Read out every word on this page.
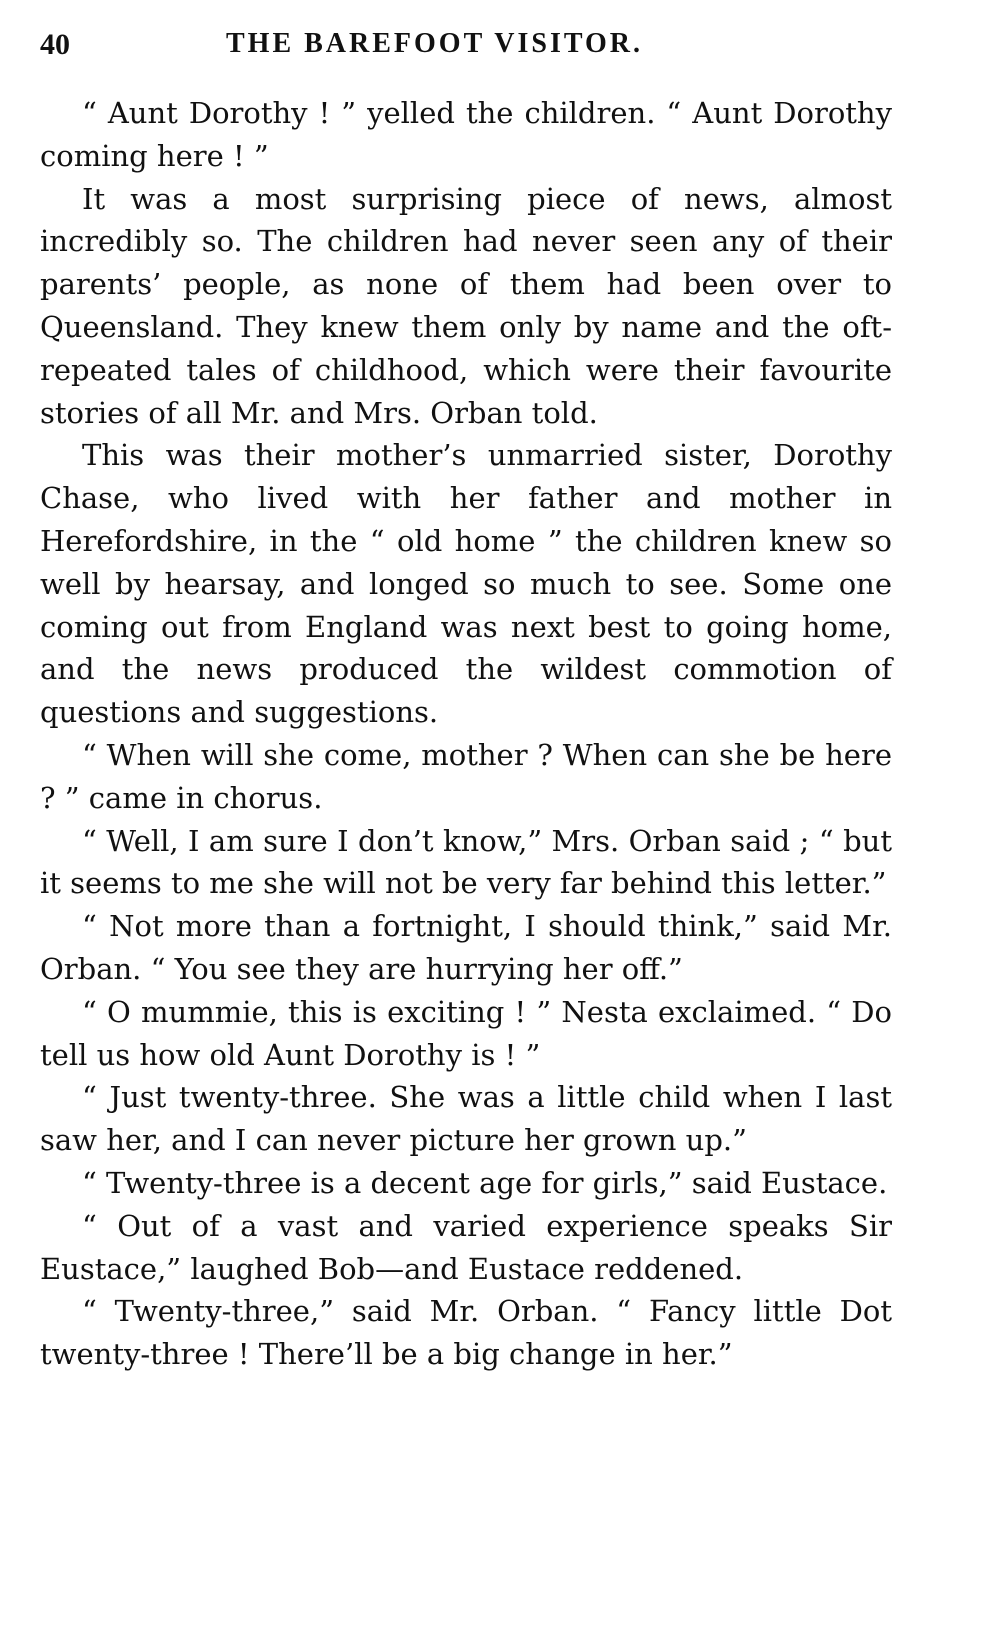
40	THE BAREFOOT VISITOR.

“ Aunt Dorothy ! ” yelled the children. “ Aunt Dorothy coming here ! ”

It was a most surprising piece of news, almost incredibly so. The children had never seen any of their parents’ people, as none of them had been over to Queensland. They knew them only by name and the oft-repeated tales of childhood, which were their favourite stories of all Mr. and Mrs. Orban told.

This was their mother’s unmarried sister, Dorothy Chase, who lived with her father and mother in Herefordshire, in the “ old home ” the children knew so well by hearsay, and longed so much to see. Some one coming out from England was next best to going home, and the news produced the wildest commotion of questions and suggestions.

“ When will she come, mother ? When can she be here ? ” came in chorus.

“ Well, I am sure I don’t know,” Mrs. Orban said ; “ but it seems to me she will not be very far behind this letter.”

“ Not more than a fortnight, I should think,” said Mr. Orban. “ You see they are hurrying her off.”

“ O mummie, this is exciting ! ” Nesta exclaimed. “ Do tell us how old Aunt Dorothy is ! ”

“ Just twenty-three. She was a little child when I last saw her, and I can never picture her grown up.”

“ Twenty-three is a decent age for girls,” said Eustace.

“ Out of a vast and varied experience speaks Sir Eustace,” laughed Bob—and Eustace reddened.

“ Twenty-three,” said Mr. Orban. “ Fancy little Dot twenty-three ! There’ll be a big change in her.”
